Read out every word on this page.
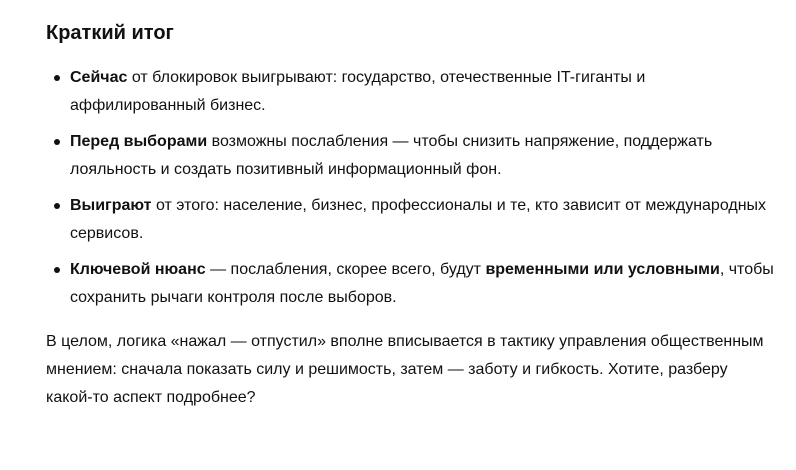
Краткий итог
Сейчас от блокировок выигрывают: государство, отечественные IT-гиганты и аффилированный бизнес.
Перед выборами возможны послабления — чтобы снизить напряжение, поддержать лояльность и создать позитивный информационный фон.
Выиграют от этого: население, бизнес, профессионалы и те, кто зависит от международных сервисов.
Ключевой нюанс — послабления, скорее всего, будут временными или условными, чтобы сохранить рычаги контроля после выборов.

В целом, логика «нажал — отпустил» вполне вписывается в тактику управления общественным мнением: сначала показать силу и решимость, затем — заботу и гибкость. Хотите, разберу какой-то аспект подробнее?
